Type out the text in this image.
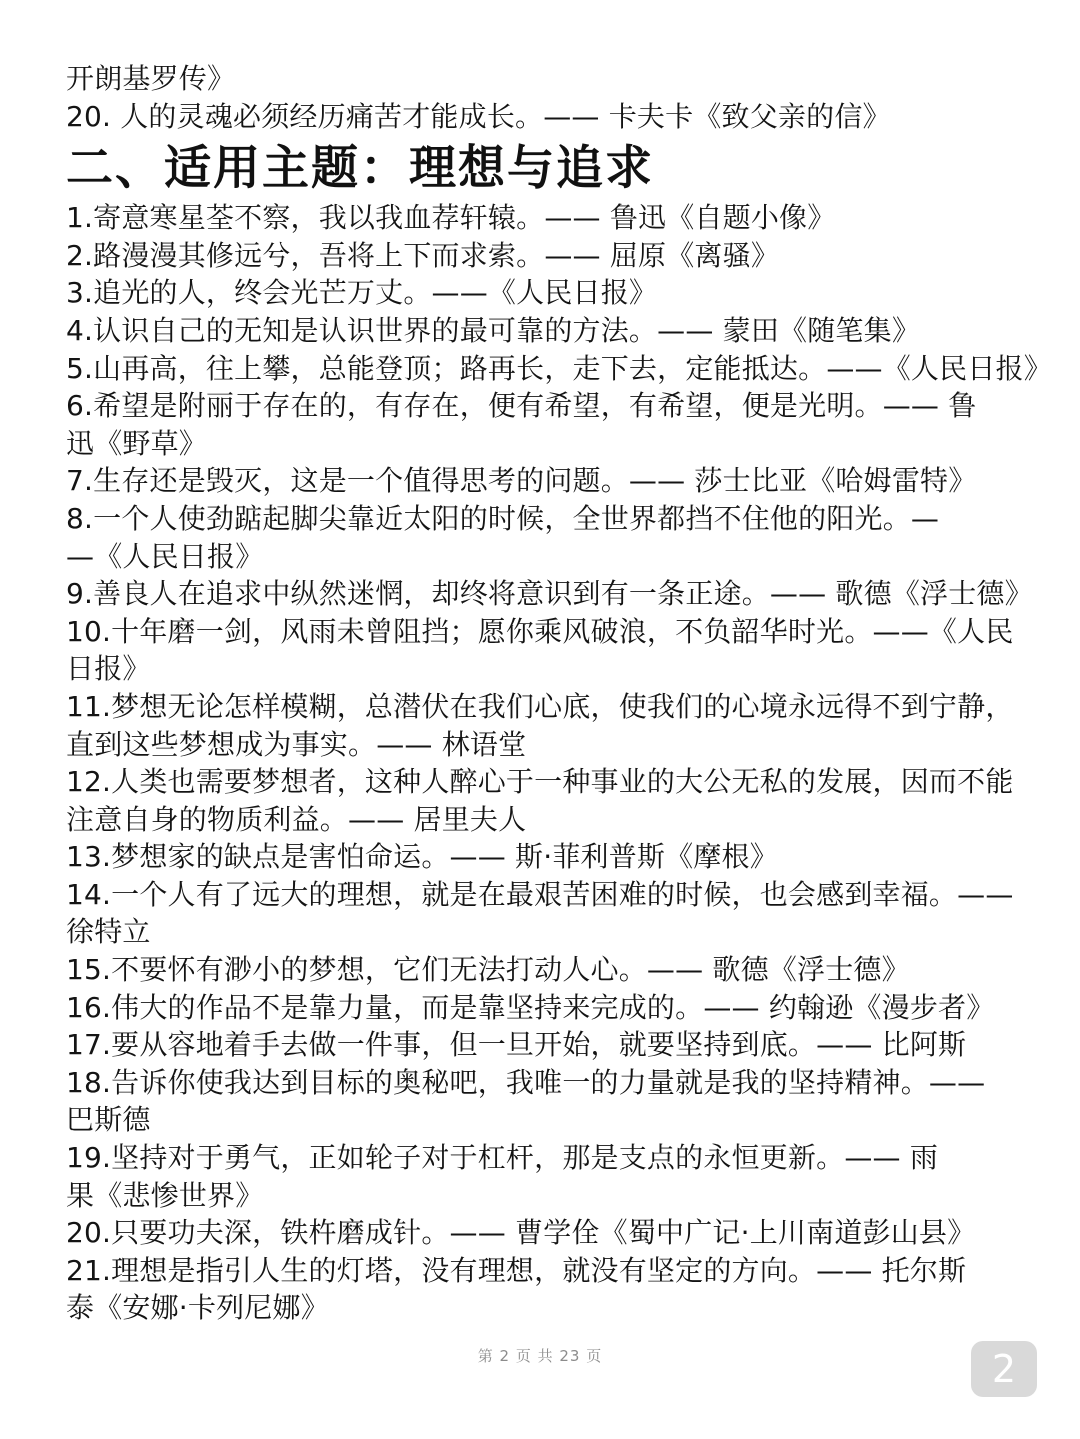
开朗基罗传》
20. 人的灵魂必须经历痛苦才能成长。—— 卡夫卡《致父亲的信》
二、适用主题：理想与追求
1.寄意寒星荃不察，我以我血荐轩辕。—— 鲁迅《自题小像》
2.路漫漫其修远兮，吾将上下而求索。—— 屈原《离骚》
3.追光的人，终会光芒万丈。——《人民日报》
4.认识自己的无知是认识世界的最可靠的方法。—— 蒙田《随笔集》
5.山再高，往上攀，总能登顶；路再长，走下去，定能抵达。——《人民日报》
6.希望是附丽于存在的，有存在，便有希望，有希望，便是光明。—— 鲁
迅《野草》
7.生存还是毁灭，这是一个值得思考的问题。—— 莎士比亚《哈姆雷特》
8.一个人使劲踮起脚尖靠近太阳的时候，全世界都挡不住他的阳光。—
—《人民日报》
9.善良人在追求中纵然迷惘，却终将意识到有一条正途。—— 歌德《浮士德》
10.十年磨一剑，风雨未曾阻挡；愿你乘风破浪，不负韶华时光。——《人民
日报》
11.梦想无论怎样模糊，总潜伏在我们心底，使我们的心境永远得不到宁静，
直到这些梦想成为事实。—— 林语堂
12.人类也需要梦想者，这种人醉心于一种事业的大公无私的发展，因而不能
注意自身的物质利益。—— 居里夫人
13.梦想家的缺点是害怕命运。—— 斯·菲利普斯《摩根》
14.一个人有了远大的理想，就是在最艰苦困难的时候，也会感到幸福。——
徐特立
15.不要怀有渺小的梦想，它们无法打动人心。—— 歌德《浮士德》
16.伟大的作品不是靠力量，而是靠坚持来完成的。—— 约翰逊《漫步者》
17.要从容地着手去做一件事，但一旦开始，就要坚持到底。—— 比阿斯
18.告诉你使我达到目标的奥秘吧，我唯一的力量就是我的坚持精神。——
巴斯德
19.坚持对于勇气，正如轮子对于杠杆，那是支点的永恒更新。—— 雨
果《悲惨世界》
20.只要功夫深，铁杵磨成针。—— 曹学佺《蜀中广记·上川南道彭山县》
21.理想是指引人生的灯塔，没有理想，就没有坚定的方向。—— 托尔斯
泰《安娜·卡列尼娜》
第 2 页 共 23 页	2
